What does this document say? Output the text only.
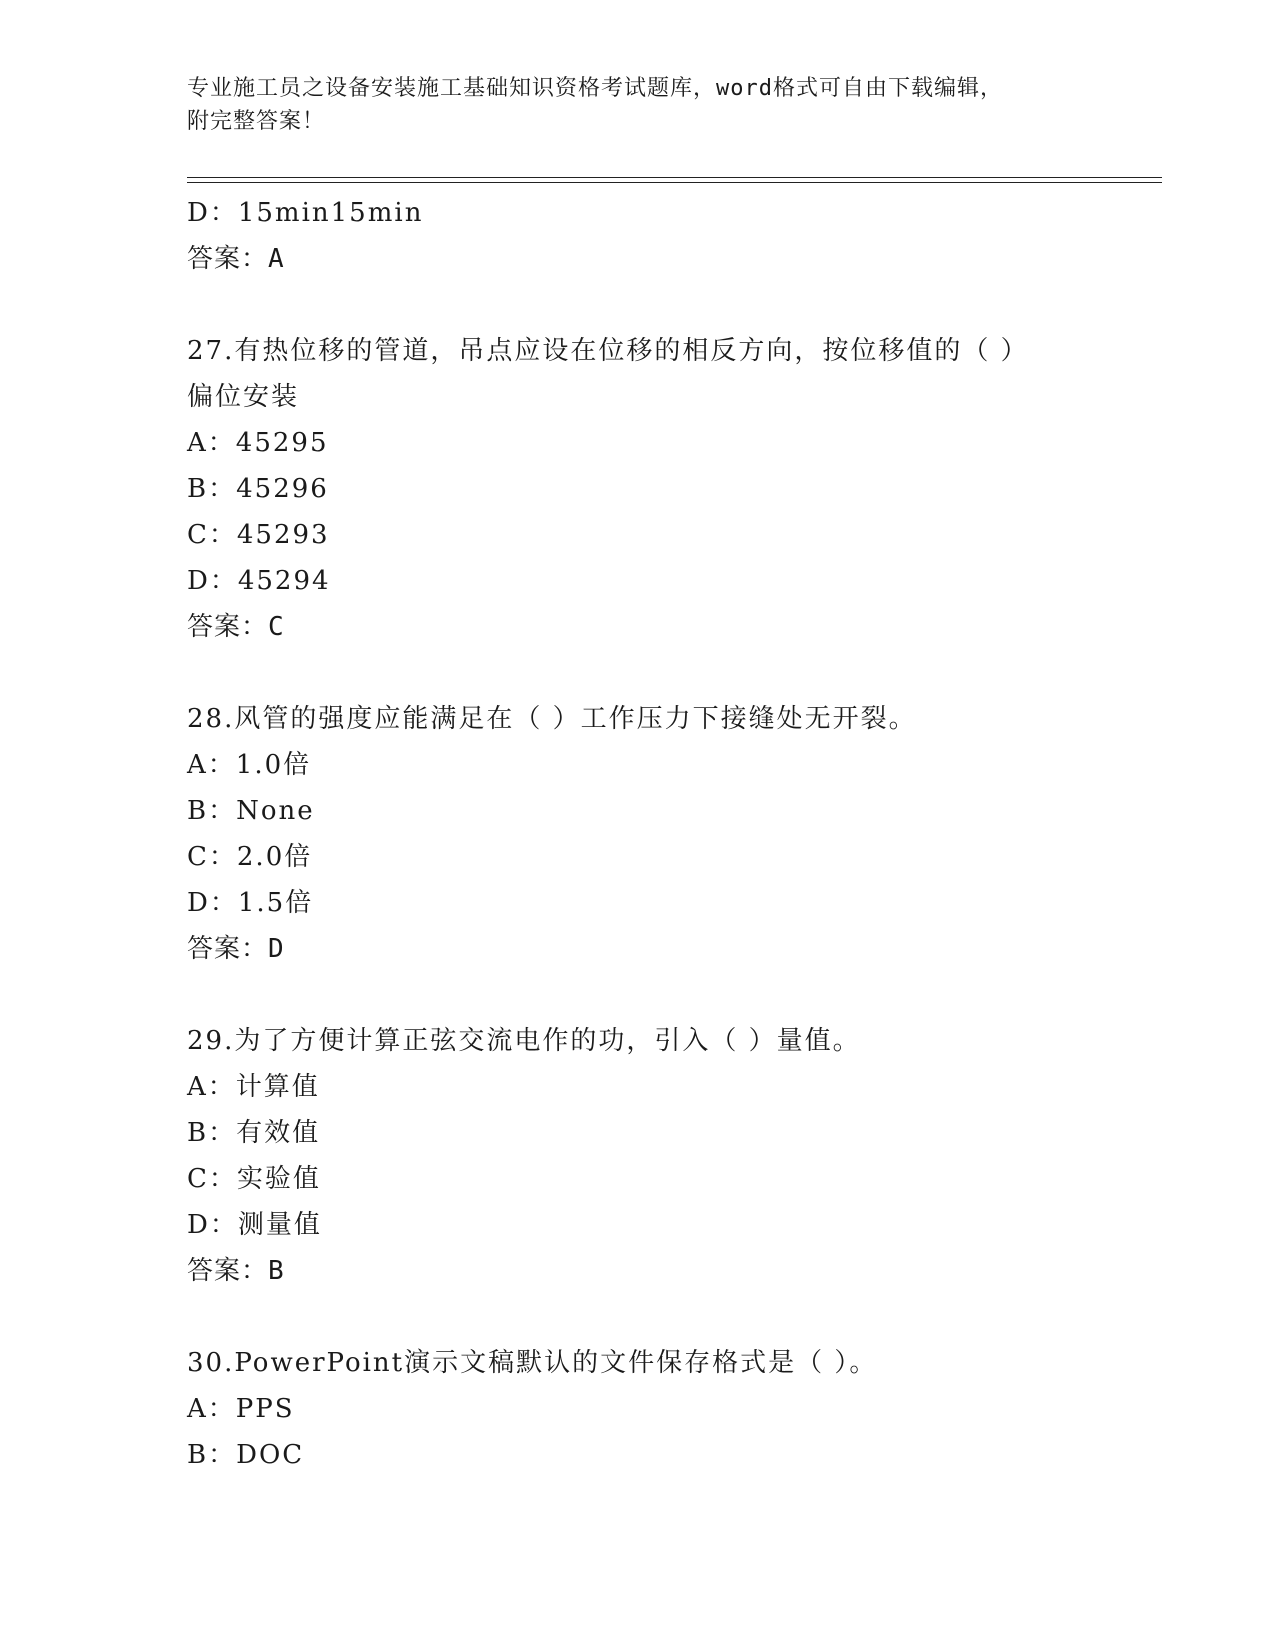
专业施工员之设备安装施工基础知识资格考试题库，word格式可自由下载编辑，
附完整答案！
D：15min15min
答案：A
27.有热位移的管道，吊点应设在位移的相反方向，按位移值的（ ）
偏位安装
A：45295
B：45296
C：45293
D：45294
答案：C
28.风管的强度应能满足在（ ）工作压力下接缝处无开裂。
A：1.0倍
B：None
C：2.0倍
D：1.5倍
答案：D
29.为了方便计算正弦交流电作的功，引入（ ）量值。
A：计算值
B：有效值
C：实验值
D：测量值
答案：B
30.PowerPoint演示文稿默认的文件保存格式是（ ）。
A：PPS
B：DOC
